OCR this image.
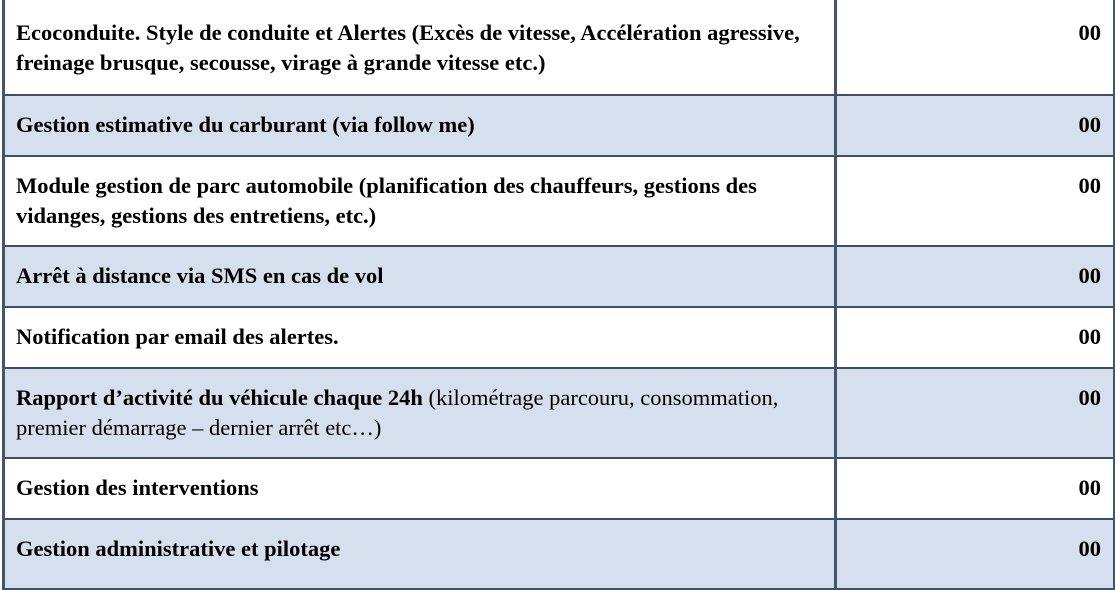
Ecoconduite. Style de conduite et Alertes (Excès de vitesse, Accélération agressive, freinage brusque, secousse, virage à grande vitesse etc.)	00

Gestion estimative du carburant (via follow me)	00

Module gestion de parc automobile (planification des chauffeurs, gestions des vidanges, gestions des entretiens, etc.)	00

Arrêt à distance via SMS en cas de vol	00

Notification par email des alertes.	00

Rapport d’activité du véhicule chaque 24h (kilométrage parcouru, consommation, premier démarrage – dernier arrêt etc…)	00

Gestion des interventions	00

Gestion administrative et pilotage	00
